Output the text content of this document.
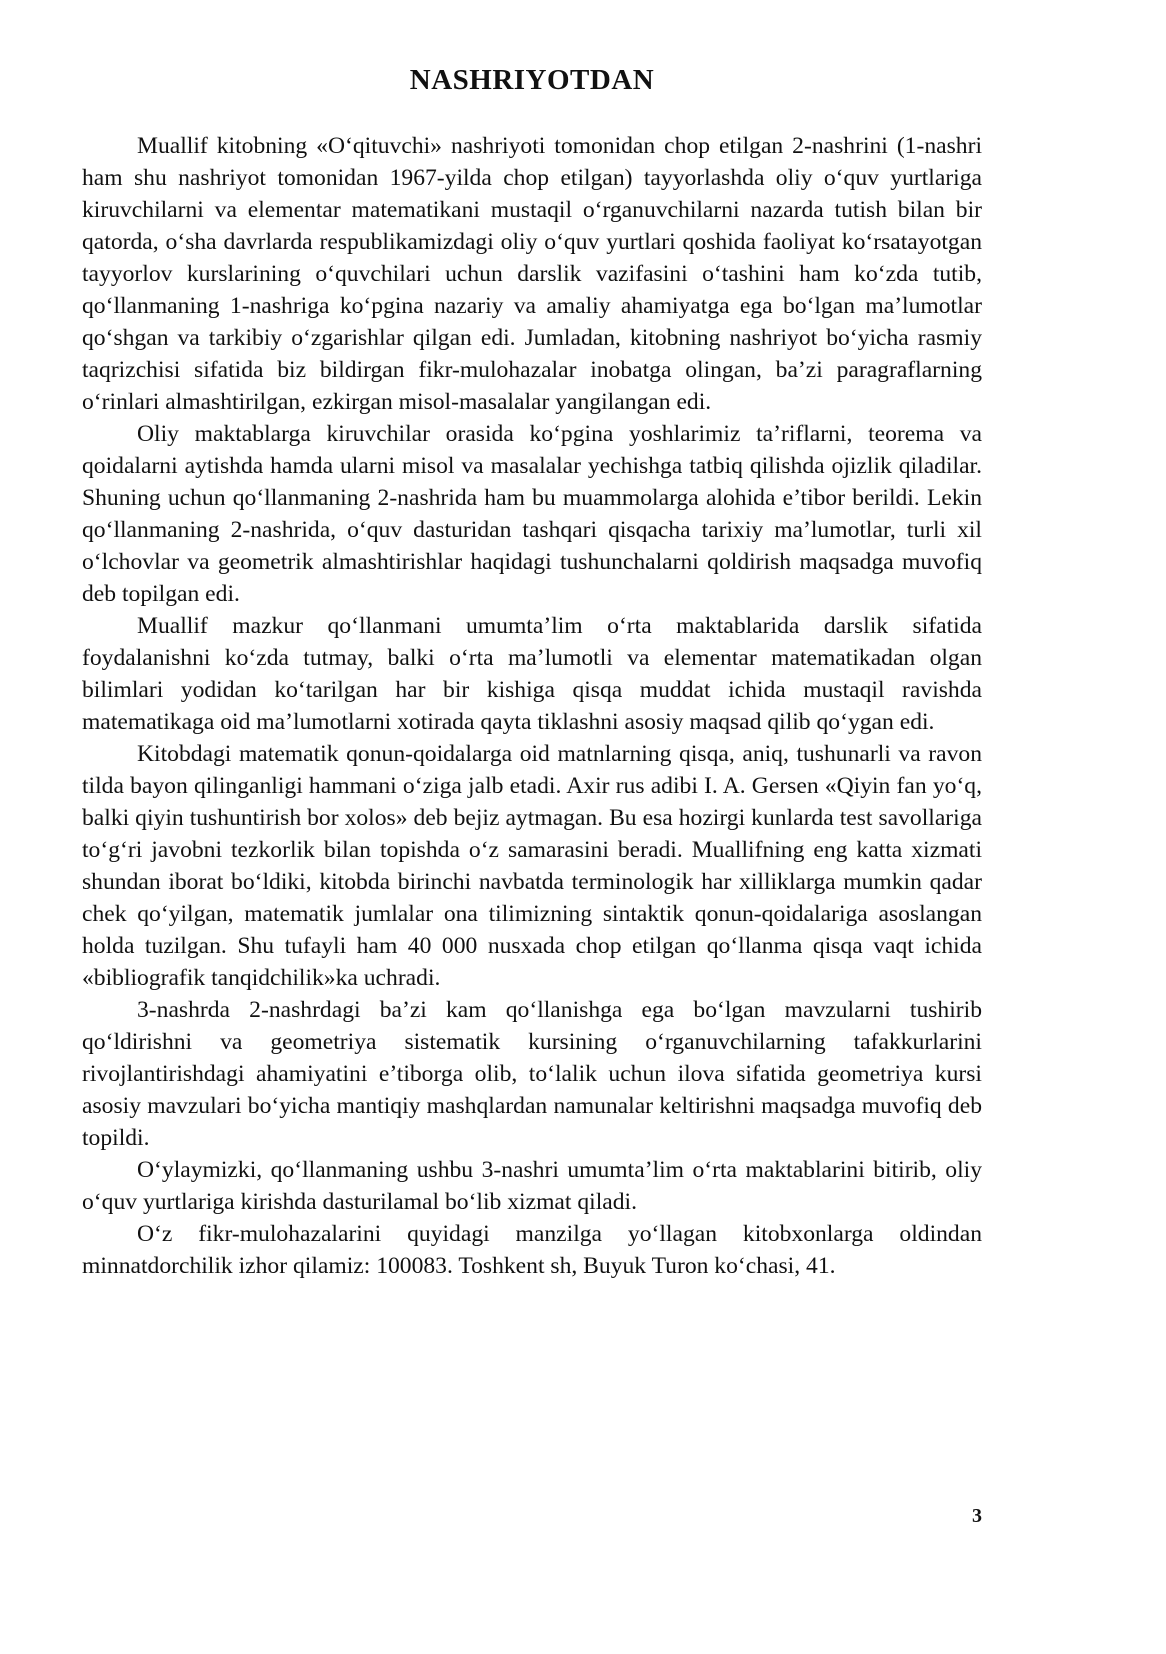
NASHRIYOTDAN

Muallif kitobning «O‘qituvchi» nashriyoti tomonidan chop etilgan 2-nashrini (1-nashri ham shu nashriyot tomonidan 1967-yilda chop etilgan) tayyorlashda oliy o‘quv yurtlariga kiruvchilarni va elementar matematikani mustaqil o‘rganuvchilarni nazarda tutish bilan bir qatorda, o‘sha davrlarda respublikamizdagi oliy o‘quv yurtlari qoshida faoliyat ko‘rsatayotgan tayyorlov kurslarining o‘quvchilari uchun darslik vazifasini o‘tashini ham ko‘zda tutib, qo‘llanmaning 1-nashriga ko‘pgina nazariy va amaliy ahamiyatga ega bo‘lgan ma’lumotlar qo‘shgan va tarkibiy o‘zgarishlar qilgan edi. Jumladan, kitobning nashriyot bo‘yicha rasmiy taqrizchisi sifatida biz bildirgan fikr-mulohazalar inobatga olingan, ba’zi paragraflarning o‘rinlari almashtirilgan, ezkirgan misol-masalalar yangilangan edi.

Oliy maktablarga kiruvchilar orasida ko‘pgina yoshlarimiz ta’riflarni, teorema va qoidalarni aytishda hamda ularni misol va masalalar yechishga tatbiq qilishda ojizlik qiladilar. Shuning uchun qo‘llanmaning 2-nashrida ham bu muammolarga alohida e’tibor berildi. Lekin qo‘llanmaning 2-nashrida, o‘quv dasturidan tashqari qisqacha tarixiy ma’lumotlar, turli xil o‘lchovlar va geometrik almashtirishlar haqidagi tushunchalarni qoldirish maqsadga muvofiq deb topilgan edi.

Muallif mazkur qo‘llanmani umumta’lim o‘rta maktablarida darslik sifatida foydalanishni ko‘zda tutmay, balki o‘rta ma’lumotli va elementar matematikadan olgan bilimlari yodidan ko‘tarilgan har bir kishiga qisqa muddat ichida mustaqil ravishda matematikaga oid ma’lumotlarni xotirada qayta tiklashni asosiy maqsad qilib qo‘ygan edi.

Kitobdagi matematik qonun-qoidalarga oid matnlarning qisqa, aniq, tushunarli va ravon tilda bayon qilinganligi hammani o‘ziga jalb etadi. Axir rus adibi I. A. Gersen «Qiyin fan yo‘q, balki qiyin tushuntirish bor xolos» deb bejiz aytmagan. Bu esa hozirgi kunlarda test savollariga to‘g‘ri javobni tezkorlik bilan topishda o‘z samarasini beradi. Muallifning eng katta xizmati shundan iborat bo‘ldiki, kitobda birinchi navbatda terminologik har xilliklarga mumkin qadar chek qo‘yilgan, matematik jumlalar ona tilimizning sintaktik qonun-qoidalariga asoslangan holda tuzilgan. Shu tufayli ham 40 000 nusxada chop etilgan qo‘llanma qisqa vaqt ichida «bibliografik tanqidchilik»ka uchradi.

3-nashrda 2-nashrdagi ba’zi kam qo‘llanishga ega bo‘lgan mavzularni tushirib qo‘ldirishni va geometriya sistematik kursining o‘rganuvchilarning tafakkurlarini rivojlantirishdagi ahamiyatini e’tiborga olib, to‘lalik uchun ilova sifatida geometriya kursi asosiy mavzulari bo‘yicha mantiqiy mashqlardan namunalar keltirishni maqsadga muvofiq deb topildi.

O‘ylaymizki, qo‘llanmaning ushbu 3-nashri umumta’lim o‘rta maktablarini bitirib, oliy o‘quv yurtlariga kirishda dasturilamal bo‘lib xizmat qiladi.

O‘z fikr-mulohazalarini quyidagi manzilga yo‘llagan kitobxonlarga oldindan minnatdorchilik izhor qilamiz: 100083. Toshkent sh, Buyuk Turon ko‘chasi, 41.

3
